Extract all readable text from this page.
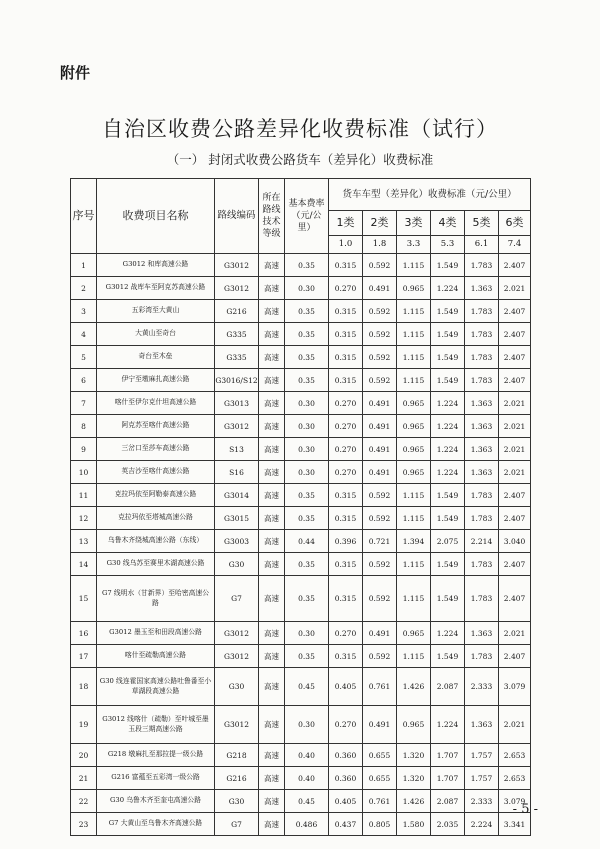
附件
自治区收费公路差异化收费标准（试行）
（一） 封闭式收费公路货车（差异化）收费标准
序号	收费项目名称	路线编码	所在路线技术等级	基本费率（元/公里）	货车车型（差异化）收费标准（元/公里）					
					1类	2类	3类	4类	5类	6类
					1.0	1.8	3.3	5.3	6.1	7.4
1	G3012 和库高速公路	G3012	高速	0.35	0.315	0.592	1.115	1.549	1.783	2.407
2	G3012 战库车至阿克苏高速公路	G3012	高速	0.30	0.270	0.491	0.965	1.224	1.363	2.021
3	五彩湾至大黄山	G216	高速	0.35	0.315	0.592	1.115	1.549	1.783	2.407
4	大黄山至奇台	G335	高速	0.35	0.315	0.592	1.115	1.549	1.783	2.407
5	奇台至木垒	G335	高速	0.35	0.315	0.592	1.115	1.549	1.783	2.407
6	伊宁至墩麻扎高速公路	G3016/S12	高速	0.35	0.315	0.592	1.115	1.549	1.783	2.407
7	喀什至伊尔克什坦高速公路	G3013	高速	0.30	0.270	0.491	0.965	1.224	1.363	2.021
8	阿克苏至喀什高速公路	G3012	高速	0.30	0.270	0.491	0.965	1.224	1.363	2.021
9	三岔口至莎车高速公路	S13	高速	0.30	0.270	0.491	0.965	1.224	1.363	2.021
10	英吉沙至喀什高速公路	S16	高速	0.30	0.270	0.491	0.965	1.224	1.363	2.021
11	克拉玛依至阿勒泰高速公路	G3014	高速	0.35	0.315	0.592	1.115	1.549	1.783	2.407
12	克拉玛依至塔城高速公路	G3015	高速	0.35	0.315	0.592	1.115	1.549	1.783	2.407
13	乌鲁木齐绕城高速公路（东线）	G3003	高速	0.44	0.396	0.721	1.394	2.075	2.214	3.040
14	G30 线乌苏至赛里木湖高速公路	G30	高速	0.35	0.315	0.592	1.115	1.549	1.783	2.407
15	G7 线明水（甘新界）至哈密高速公路	G7	高速	0.35	0.315	0.592	1.115	1.549	1.783	2.407
16	G3012 墨玉至和田段高速公路	G3012	高速	0.30	0.270	0.491	0.965	1.224	1.363	2.021
17	喀什至疏勒高速公路	G3012	高速	0.35	0.315	0.592	1.115	1.549	1.783	2.407
18	G30 线连霍国家高速公路吐鲁番至小草湖段高速公路	G30	高速	0.45	0.405	0.761	1.426	2.087	2.333	3.079
19	G3012 线喀什（疏勒）至叶城至墨玉段三期高速公路	G3012	高速	0.30	0.270	0.491	0.965	1.224	1.363	2.021
20	G218 墩麻扎至那拉提一级公路	G218	高速	0.40	0.360	0.655	1.320	1.707	1.757	2.653
21	G216 富蕴至五彩湾一级公路	G216	高速	0.40	0.360	0.655	1.320	1.707	1.757	2.653
22	G30 乌鲁木齐至奎屯高速公路	G30	高速	0.45	0.405	0.761	1.426	2.087	2.333	3.079
23	G7 大黄山至乌鲁木齐高速公路	G7	高速	0.486	0.437	0.805	1.580	2.035	2.224	3.341
- 5 -
